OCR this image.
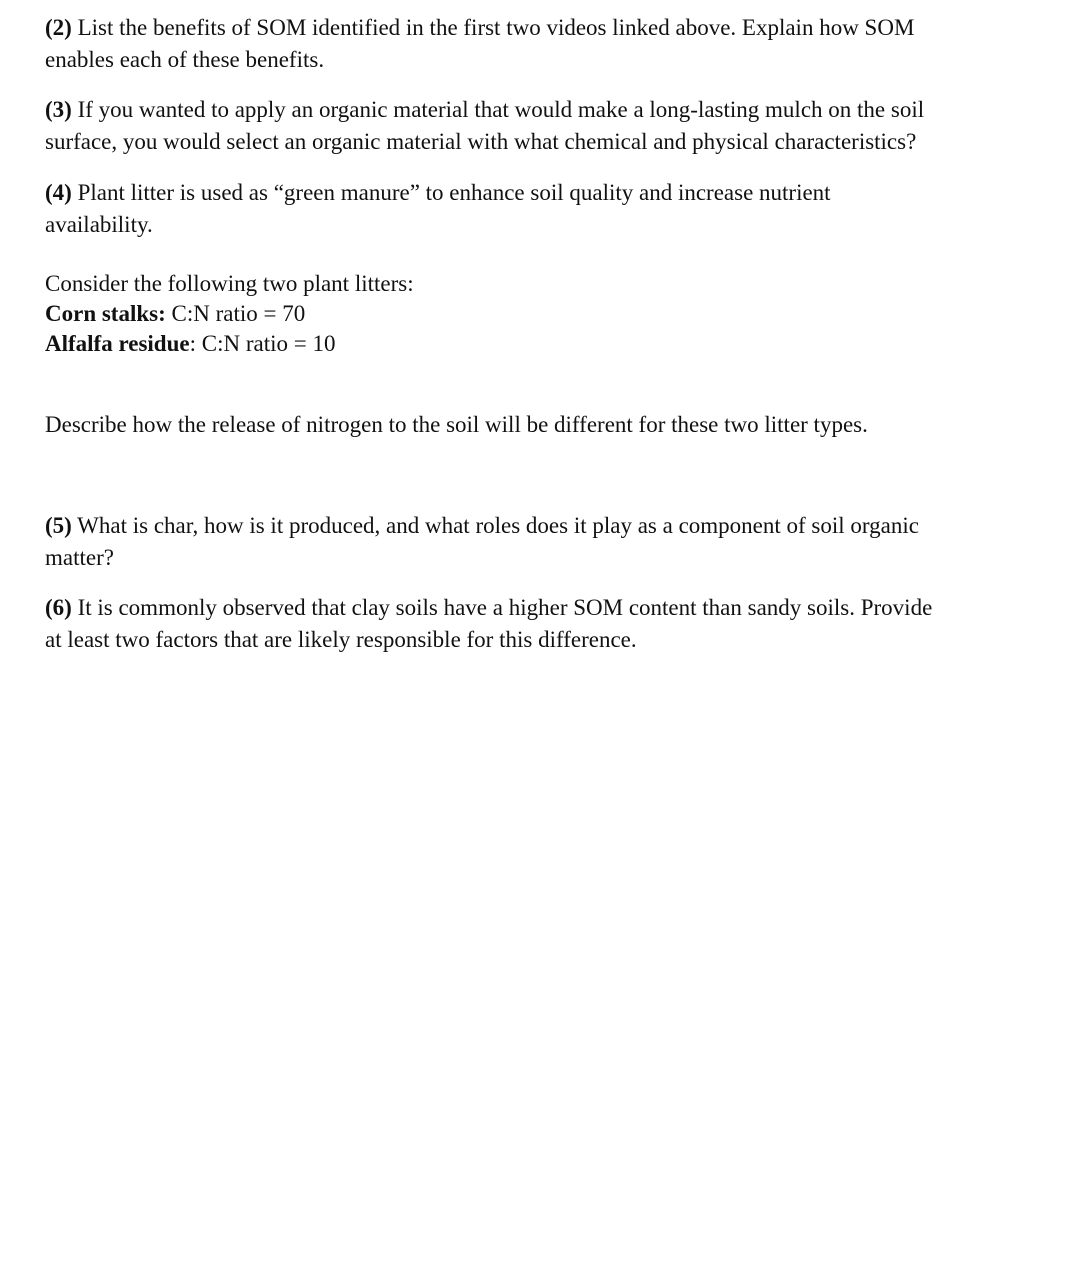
(2) List the benefits of SOM identified in the first two videos linked above. Explain how SOM
enables each of these benefits.

(3) If you wanted to apply an organic material that would make a long-lasting mulch on the soil
surface, you would select an organic material with what chemical and physical characteristics?

(4) Plant litter is used as “green manure” to enhance soil quality and increase nutrient
availability.

Consider the following two plant litters:
Corn stalks: C:N ratio = 70
Alfalfa residue: C:N ratio = 10

Describe how the release of nitrogen to the soil will be different for these two litter types.

(5) What is char, how is it produced, and what roles does it play as a component of soil organic
matter?

(6) It is commonly observed that clay soils have a higher SOM content than sandy soils. Provide
at least two factors that are likely responsible for this difference.
